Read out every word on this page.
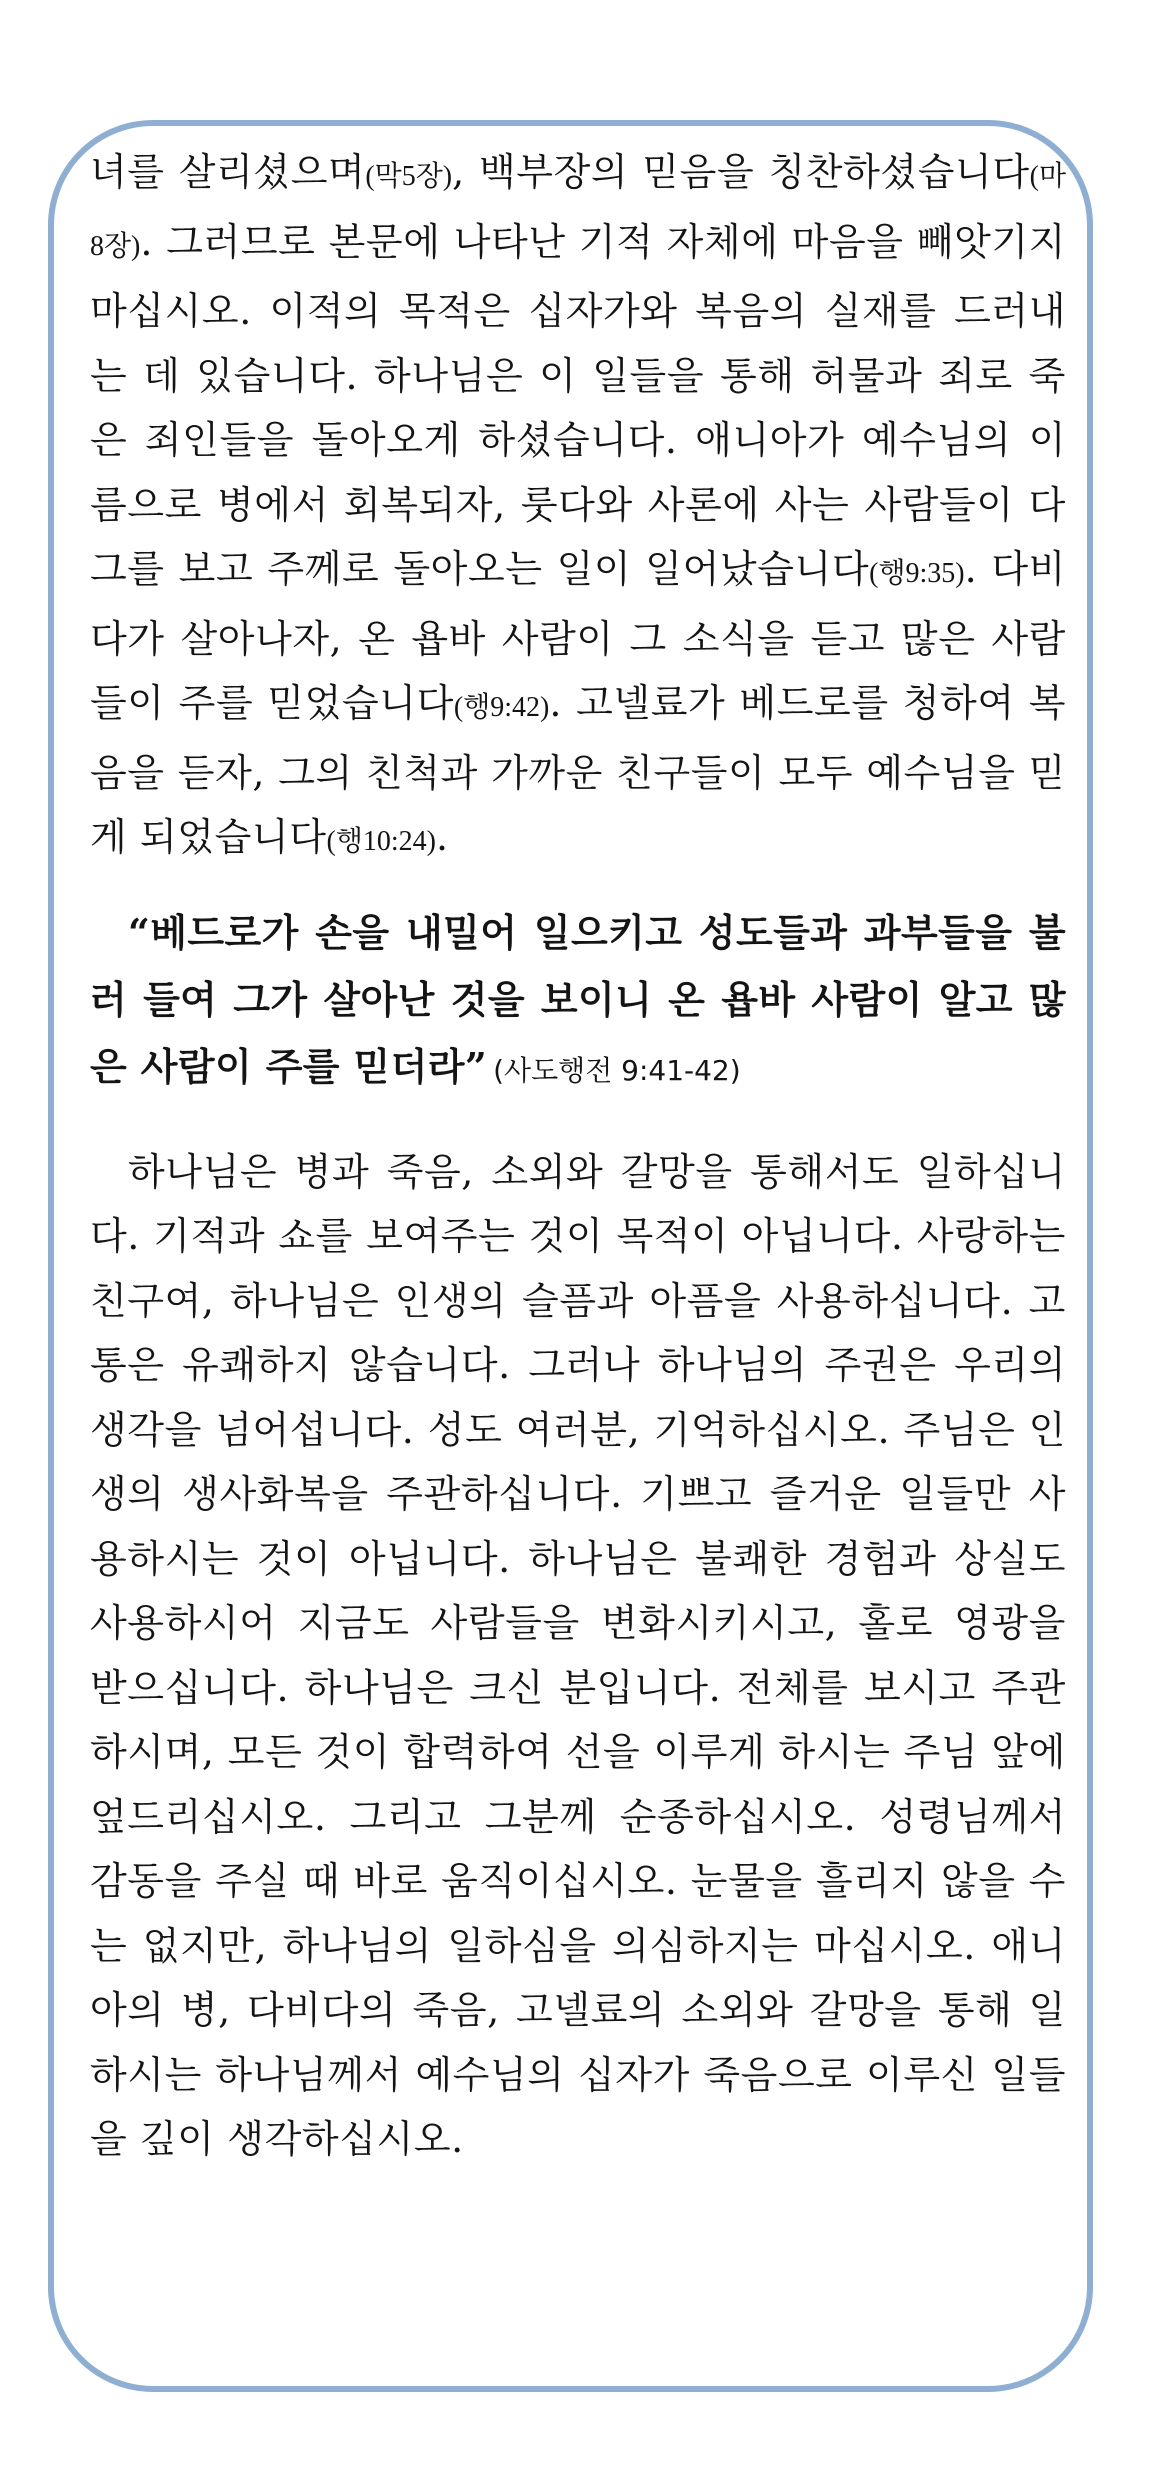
녀를 살리셨으며(막5장), 백부장의 믿음을 칭찬하셨습니다(마8장). 그러므로 본문에 나타난 기적 자체에 마음을 빼앗기지 마십시오. 이적의 목적은 십자가와 복음의 실재를 드러내는 데 있습니다. 하나님은 이 일들을 통해 허물과 죄로 죽은 죄인들을 돌아오게 하셨습니다. 애니아가 예수님의 이름으로 병에서 회복되자, 룻다와 사론에 사는 사람들이 다 그를 보고 주께로 돌아오는 일이 일어났습니다(행9:35). 다비다가 살아나자, 온 욥바 사람이 그 소식을 듣고 많은 사람들이 주를 믿었습니다(행9:42). 고넬료가 베드로를 청하여 복음을 듣자, 그의 친척과 가까운 친구들이 모두 예수님을 믿게 되었습니다(행10:24).

“베드로가 손을 내밀어 일으키고 성도들과 과부들을 불러 들여 그가 살아난 것을 보이니 온 욥바 사람이 알고 많은 사람이 주를 믿더라” (사도행전 9:41-42)

하나님은 병과 죽음, 소외와 갈망을 통해서도 일하십니다. 기적과 쇼를 보여주는 것이 목적이 아닙니다. 사랑하는 친구여, 하나님은 인생의 슬픔과 아픔을 사용하십니다. 고통은 유쾌하지 않습니다. 그러나 하나님의 주권은 우리의 생각을 넘어섭니다. 성도 여러분, 기억하십시오. 주님은 인생의 생사화복을 주관하십니다. 기쁘고 즐거운 일들만 사용하시는 것이 아닙니다. 하나님은 불쾌한 경험과 상실도 사용하시어 지금도 사람들을 변화시키시고, 홀로 영광을 받으십니다. 하나님은 크신 분입니다. 전체를 보시고 주관하시며, 모든 것이 합력하여 선을 이루게 하시는 주님 앞에 엎드리십시오. 그리고 그분께 순종하십시오. 성령님께서 감동을 주실 때 바로 움직이십시오. 눈물을 흘리지 않을 수는 없지만, 하나님의 일하심을 의심하지는 마십시오. 애니아의 병, 다비다의 죽음, 고넬료의 소외와 갈망을 통해 일하시는 하나님께서 예수님의 십자가 죽음으로 이루신 일들을 깊이 생각하십시오.
